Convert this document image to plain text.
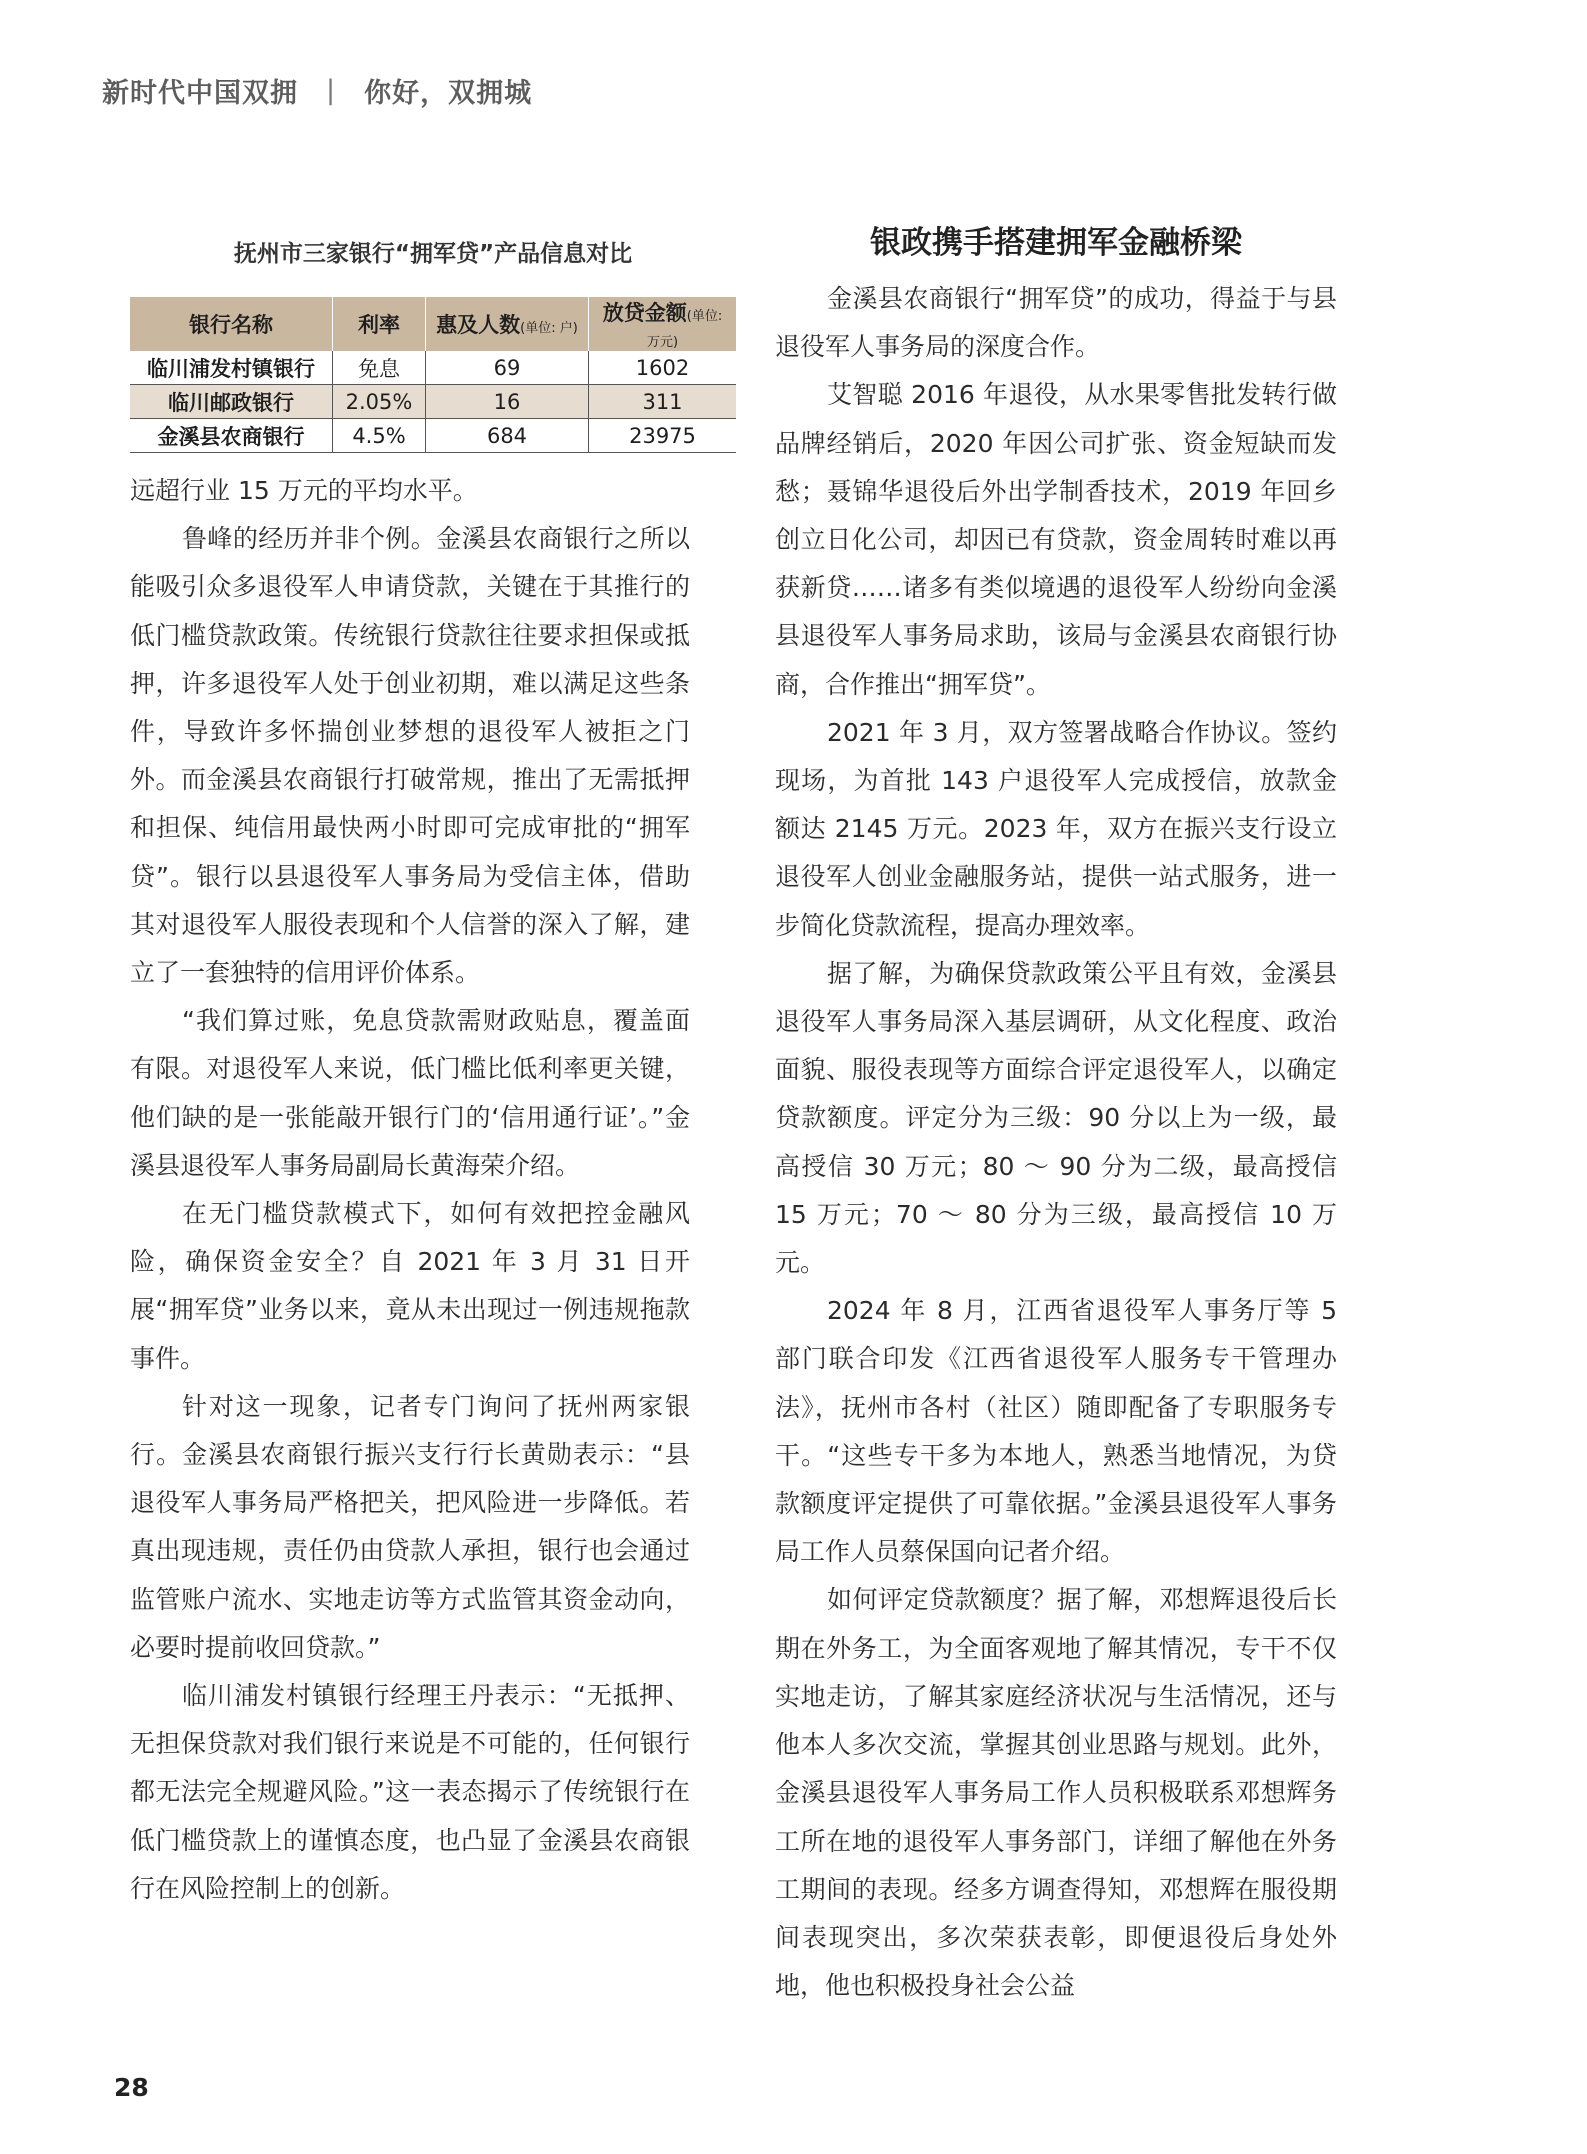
新时代中国双拥 | 你好，双拥城
抚州市三家银行“拥军贷”产品信息对比
银行名称	利率	惠及人数(单位: 户)	放贷金额(单位: 万元)
临川浦发村镇银行	免息	69	1602
临川邮政银行	2.05%	16	311
金溪县农商银行	4.5%	684	23975

远超行业 15 万元的平均水平。

鲁峰的经历并非个例。金溪县农商银行之所以能吸引众多退役军人申请贷款，关键在于其推行的低门槛贷款政策。传统银行贷款往往要求担保或抵押，许多退役军人处于创业初期，难以满足这些条件，导致许多怀揣创业梦想的退役军人被拒之门外。而金溪县农商银行打破常规，推出了无需抵押和担保、纯信用最快两小时即可完成审批的“拥军贷”。银行以县退役军人事务局为受信主体，借助其对退役军人服役表现和个人信誉的深入了解，建立了一套独特的信用评价体系。

“我们算过账，免息贷款需财政贴息，覆盖面有限。对退役军人来说，低门槛比低利率更关键，他们缺的是一张能敲开银行门的‘信用通行证’。”金溪县退役军人事务局副局长黄海荣介绍。

在无门槛贷款模式下，如何有效把控金融风险，确保资金安全？自 2021 年 3 月 31 日开展“拥军贷”业务以来，竟从未出现过一例违规拖款事件。

针对这一现象，记者专门询问了抚州两家银行。金溪县农商银行振兴支行行长黄勋表示：“县退役军人事务局严格把关，把风险进一步降低。若真出现违规，责任仍由贷款人承担，银行也会通过监管账户流水、实地走访等方式监管其资金动向，必要时提前收回贷款。”

临川浦发村镇银行经理王丹表示：“无抵押、无担保贷款对我们银行来说是不可能的，任何银行都无法完全规避风险。”这一表态揭示了传统银行在低门槛贷款上的谨慎态度，也凸显了金溪县农商银行在风险控制上的创新。

银政携手搭建拥军金融桥梁

金溪县农商银行“拥军贷”的成功，得益于与县退役军人事务局的深度合作。

艾智聪 2016 年退役，从水果零售批发转行做品牌经销后，2020 年因公司扩张、资金短缺而发愁；聂锦华退役后外出学制香技术，2019 年回乡创立日化公司，却因已有贷款，资金周转时难以再获新贷……诸多有类似境遇的退役军人纷纷向金溪县退役军人事务局求助，该局与金溪县农商银行协商，合作推出“拥军贷”。

2021 年 3 月，双方签署战略合作协议。签约现场，为首批 143 户退役军人完成授信，放款金额达 2145 万元。2023 年，双方在振兴支行设立退役军人创业金融服务站，提供一站式服务，进一步简化贷款流程，提高办理效率。

据了解，为确保贷款政策公平且有效，金溪县退役军人事务局深入基层调研，从文化程度、政治面貌、服役表现等方面综合评定退役军人，以确定贷款额度。评定分为三级：90 分以上为一级，最高授信 30 万元；80 ～ 90 分为二级，最高授信 15 万元；70 ～ 80 分为三级，最高授信 10 万元。

2024 年 8 月，江西省退役军人事务厅等 5 部门联合印发《江西省退役军人服务专干管理办法》，抚州市各村（社区）随即配备了专职服务专干。“这些专干多为本地人，熟悉当地情况，为贷款额度评定提供了可靠依据。”金溪县退役军人事务局工作人员蔡保国向记者介绍。

如何评定贷款额度？据了解，邓想辉退役后长期在外务工，为全面客观地了解其情况，专干不仅实地走访，了解其家庭经济状况与生活情况，还与他本人多次交流，掌握其创业思路与规划。此外，金溪县退役军人事务局工作人员积极联系邓想辉务工所在地的退役军人事务部门，详细了解他在外务工期间的表现。经多方调查得知，邓想辉在服役期间表现突出，多次荣获表彰，即便退役后身处外地，他也积极投身社会公益

28
